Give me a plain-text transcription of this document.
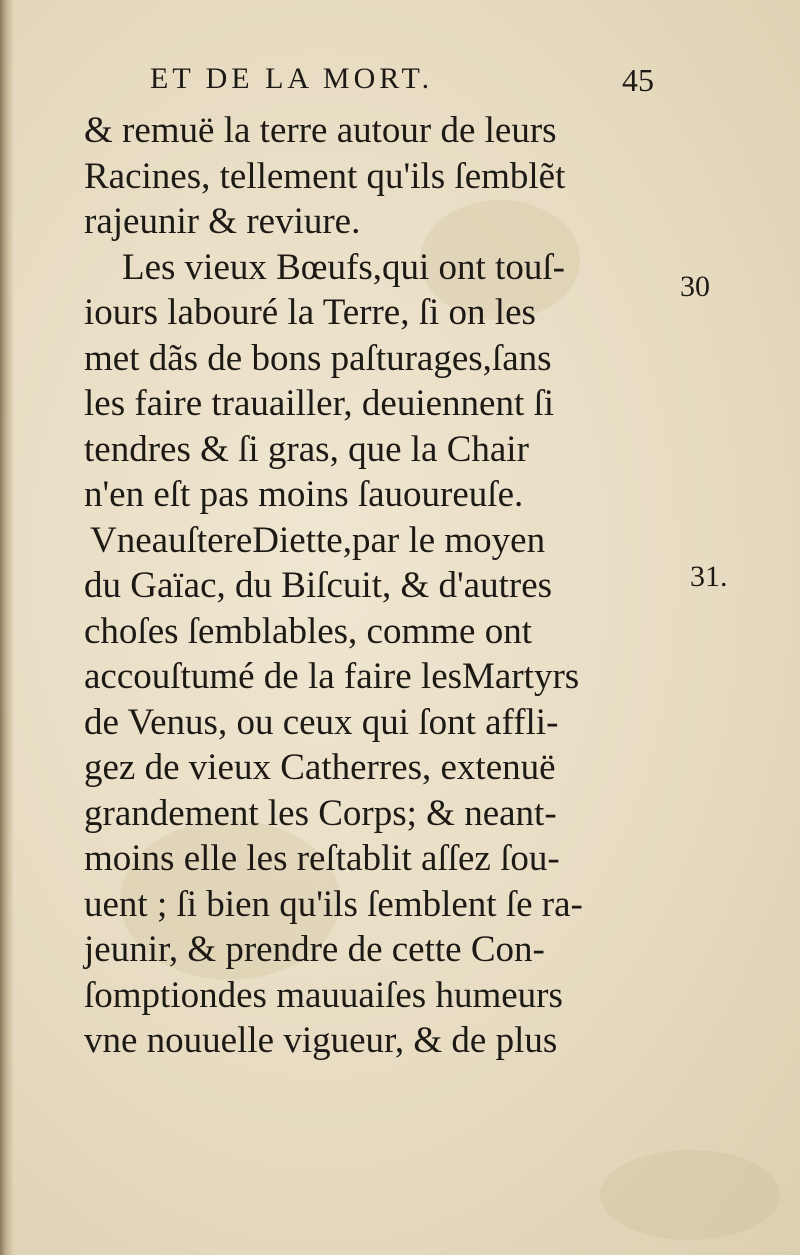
ET DE LA MORT.	45
& remuë la terre autour de leurs
Racines, tellement qu'ils ſemblẽt
rajeunir & reviure.
Les vieux Bœufs,qui ont touſ-
iours labouré la Terre, ſi on les
met dãs de bons paſturages,ſans
les faire trauailler, deuiennent ſi
tendres & ſi gras, que la Chair
n'en eſt pas moins ſauoureuſe.
VneauſtereDiette,par le moyen
du Gaïac, du Biſcuit, & d'autres
choſes ſemblables, comme ont
accouſtumé de la faire lesMartyrs
de Venus, ou ceux qui ſont affli-
gez de vieux Catherres, extenuë
grandement les Corps; & neant-
moins elle les reſtablit aſſez ſou-
uent ; ſi bien qu'ils ſemblent ſe ra-
jeunir, & prendre de cette Con-
ſomptiondes mauuaiſes humeurs
vne nouuelle vigueur, & de plus
30
31.
